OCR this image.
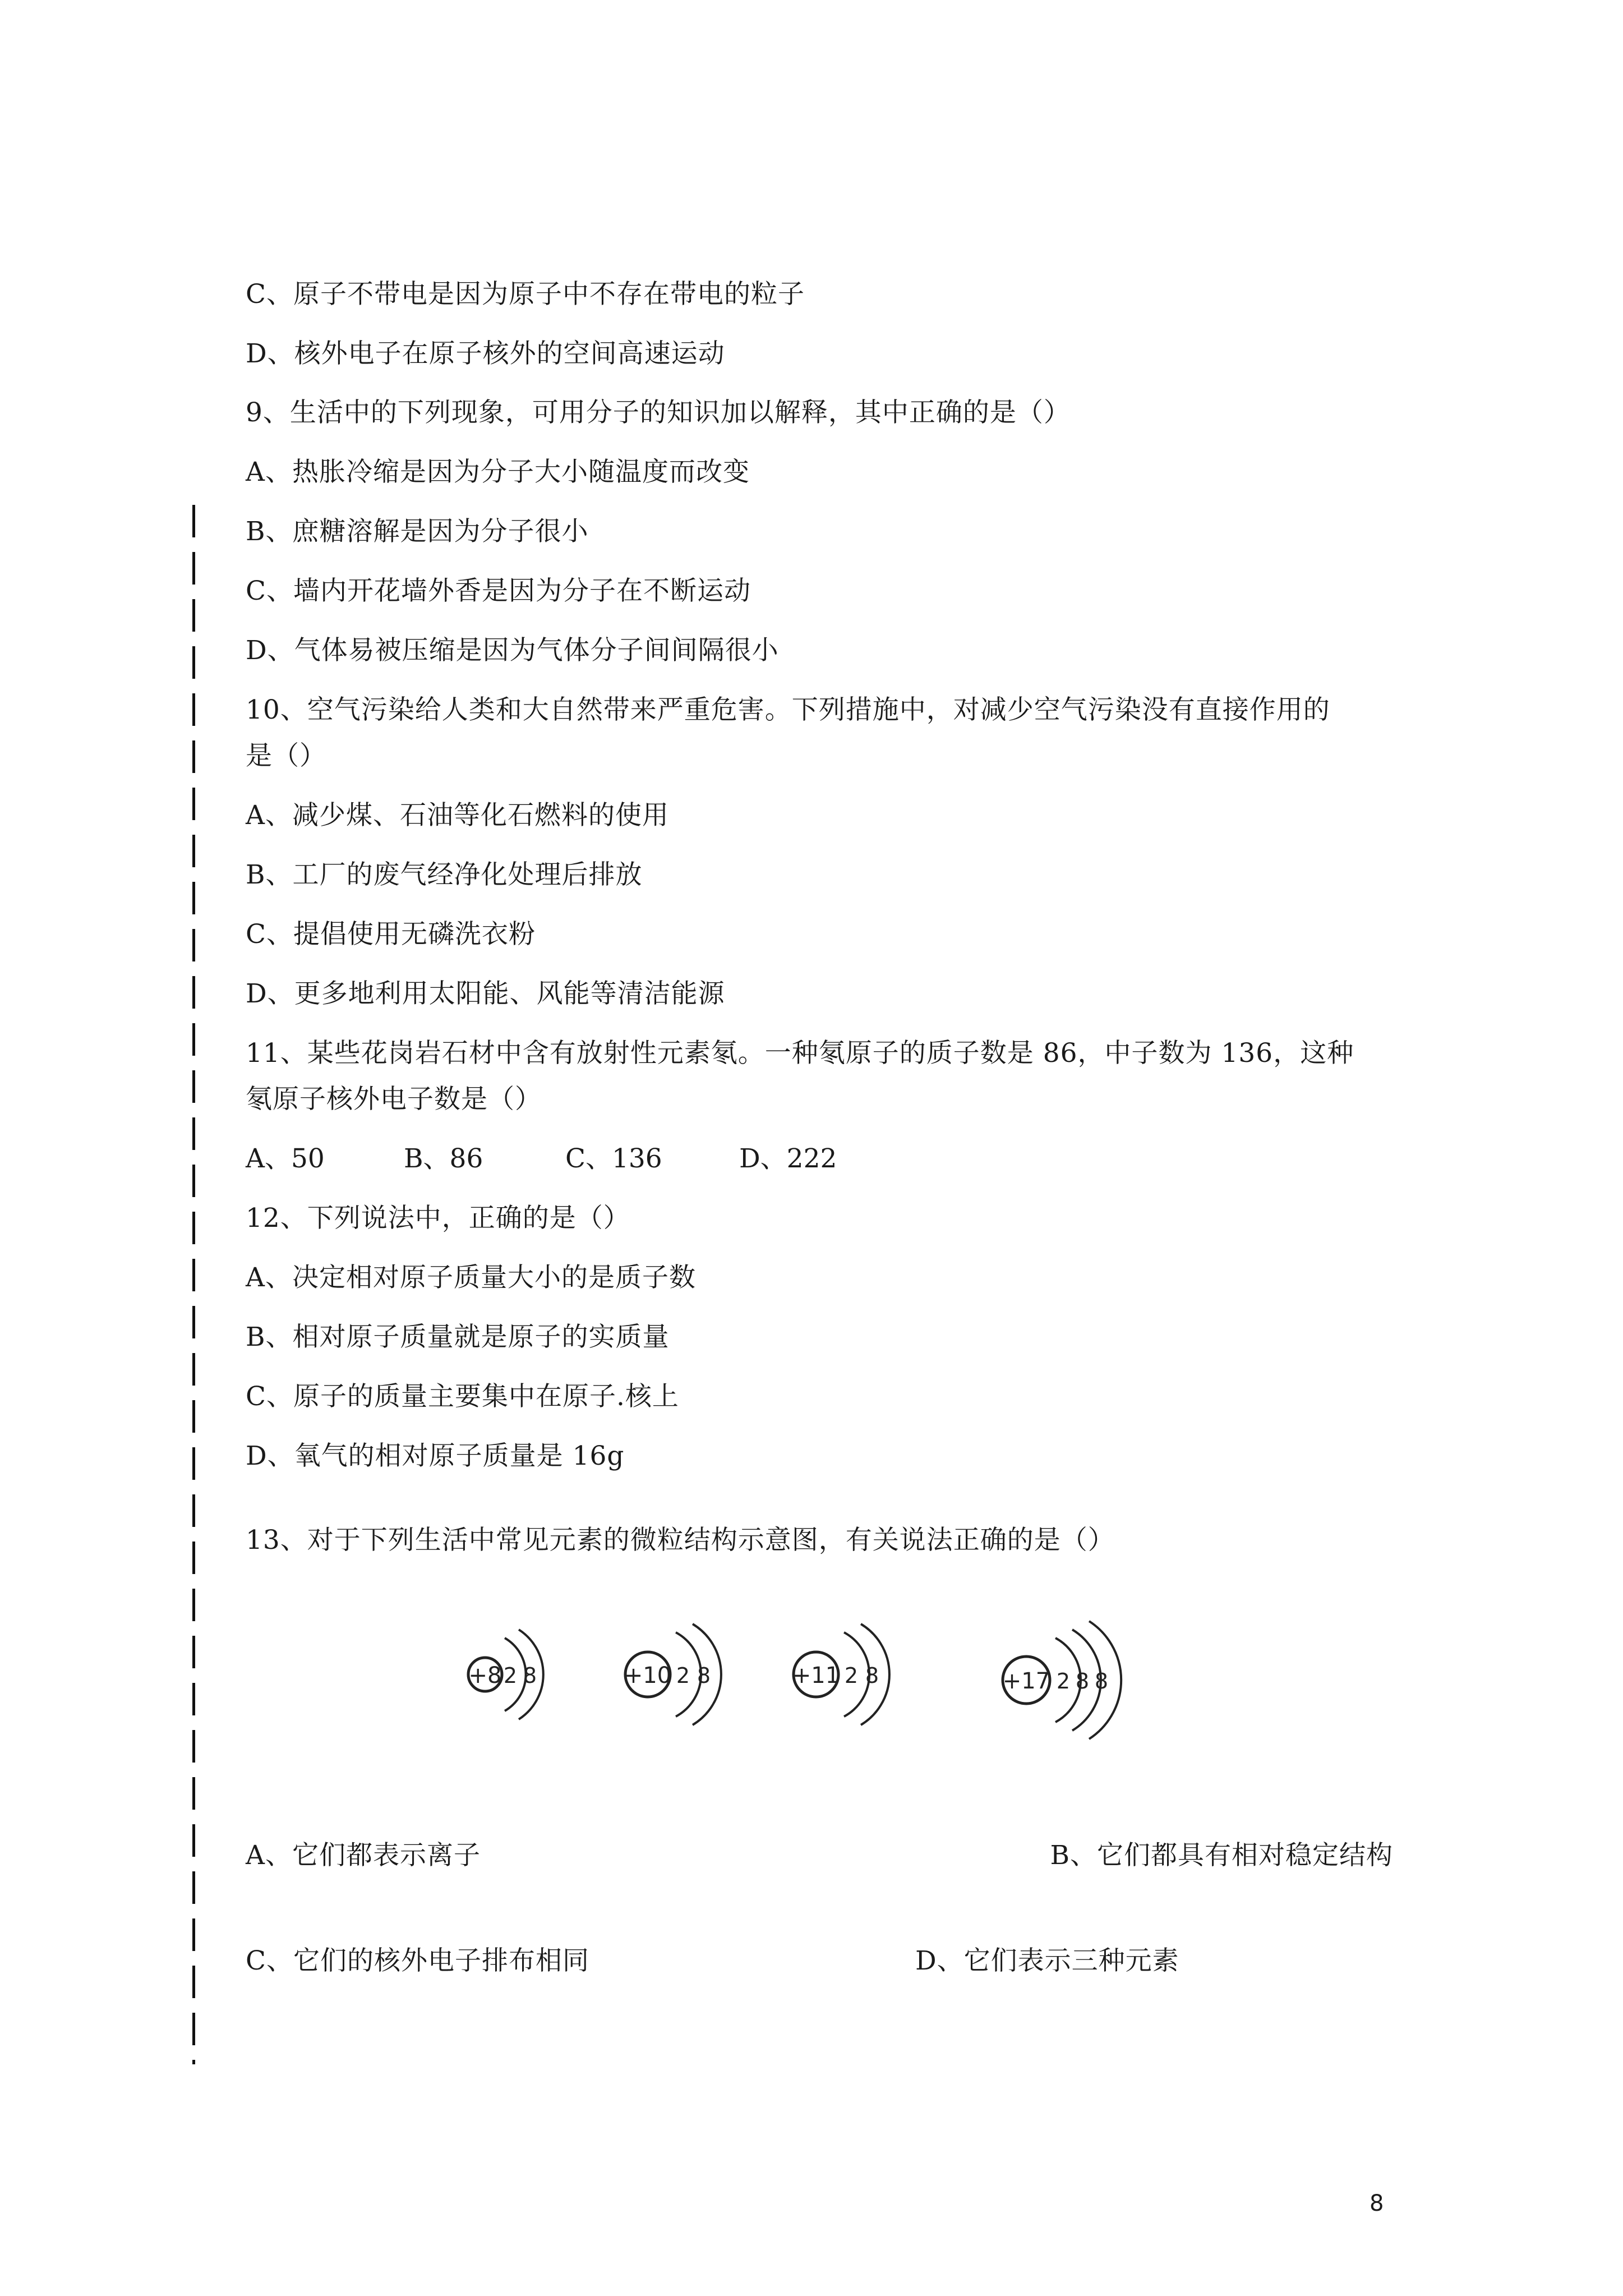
C、原子不带电是因为原子中不存在带电的粒子
D、核外电子在原子核外的空间高速运动
9、生活中的下列现象，可用分子的知识加以解释，其中正确的是（）
A、热胀冷缩是因为分子大小随温度而改变
B、庶糖溶解是因为分子很小
C、墙内开花墙外香是因为分子在不断运动
D、气体易被压缩是因为气体分子间间隔很小
10、空气污染给人类和大自然带来严重危害。下列措施中，对减少空气污染没有直接作用的
是（）
A、减少煤、石油等化石燃料的使用
B、工厂的废气经净化处理后排放
C、提倡使用无磷洗衣粉
D、更多地利用太阳能、风能等清洁能源
11、某些花岗岩石材中含有放射性元素氡。一种氡原子的质子数是 86，中子数为 136，这种
氡原子核外电子数是（）
A、50	B、86	C、136	D、222
12、下列说法中，正确的是（）
A、决定相对原子质量大小的是质子数
B、相对原子质量就是原子的实质量
C、原子的质量主要集中在原子.核上
D、氧气的相对原子质量是 16g
13、对于下列生活中常见元素的微粒结构示意图，有关说法正确的是（）
+8 2 8	+10 2 8	+11 2 8	+17 2 8 8
A、它们都表示离子	B、它们都具有相对稳定结构
C、它们的核外电子排布相同	D、它们表示三种元素
8
